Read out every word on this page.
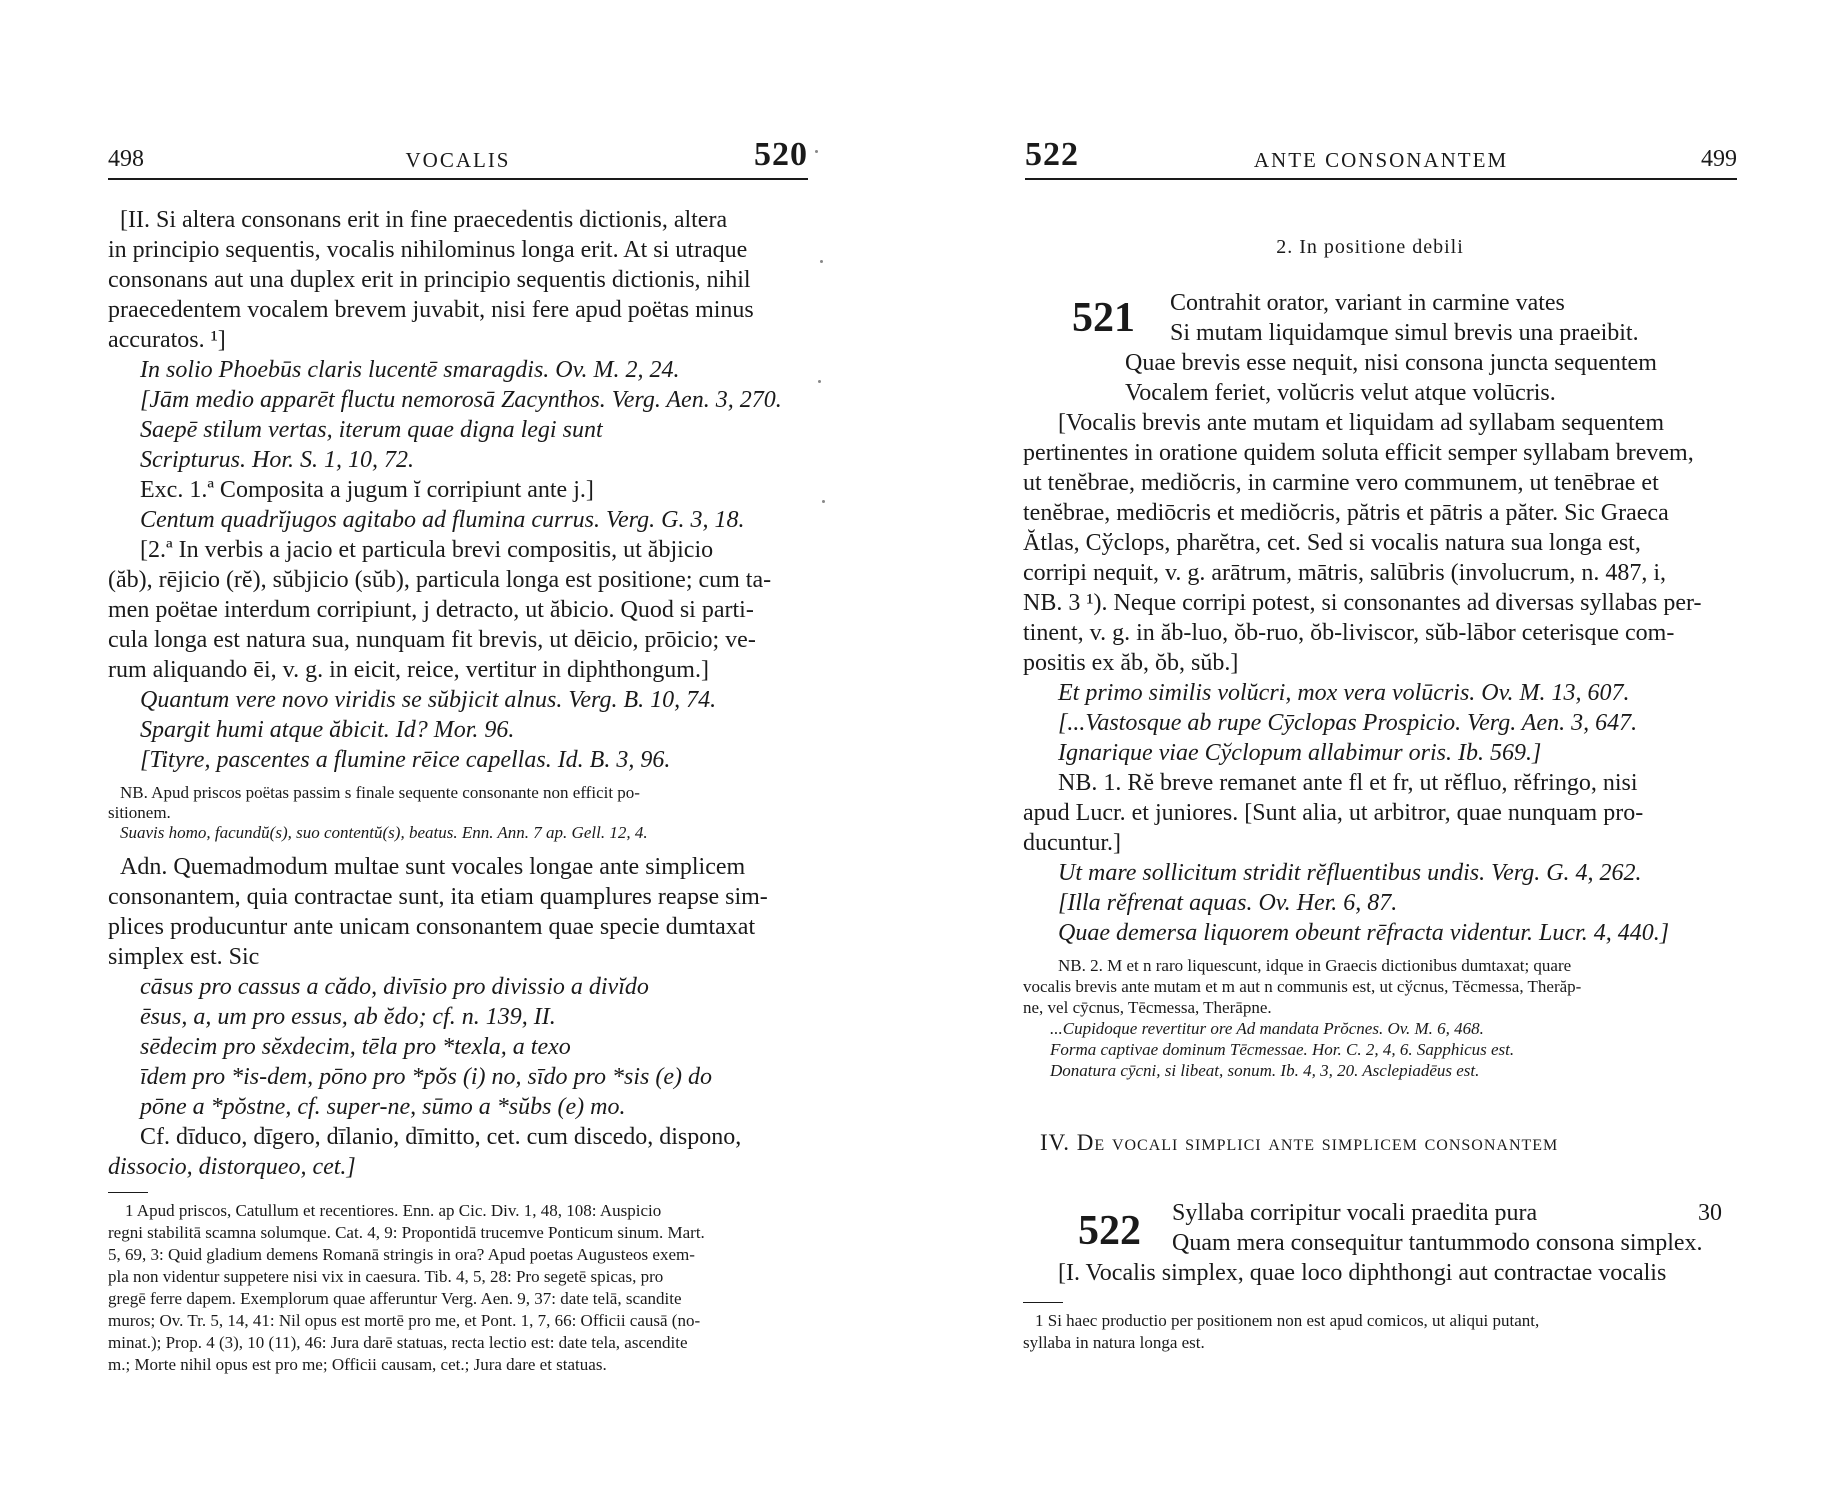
498	VOCALIS	520
[II. Si altera consonans erit in fine praecedentis dictionis, altera
in principio sequentis, vocalis nihilominus longa erit. At si utraque
consonans aut una duplex erit in principio sequentis dictionis, nihil
praecedentem vocalem brevem juvabit, nisi fere apud poëtas minus
accuratos. ¹]
In solio Phoebūs claris lucentē smaragdis. Ov. M. 2, 24.
[Jām medio apparēt fluctu nemorosā Zacynthos. Verg. Aen. 3, 270.
Saepē stilum vertas, iterum quae digna legi sunt
Scripturus. Hor. S. 1, 10, 72.
Exc. 1.ª Composita a jugum ĭ corripiunt ante j.]
Centum quadrĭjugos agitabo ad flumina currus. Verg. G. 3, 18.
[2.ª In verbis a jacio et particula brevi compositis, ut ăbjicio
(ăb), rējicio (rĕ), sŭbjicio (sŭb), particula longa est positione; cum ta-
men poëtae interdum corripiunt, j detracto, ut ăbicio. Quod si parti-
cula longa est natura sua, nunquam fit brevis, ut dēicio, prōicio; ve-
rum aliquando ēi, v. g. in eicit, reice, vertitur in diphthongum.]
Quantum vere novo viridis se sŭbjicit alnus. Verg. B. 10, 74.
Spargit humi atque ăbicit. Id? Mor. 96.
[Tityre, pascentes a flumine rēice capellas. Id. B. 3, 96.
NB. Apud priscos poëtas passim s finale sequente consonante non efficit po-
sitionem.
Suavis homo, facundŭ(s), suo contentŭ(s), beatus. Enn. Ann. 7 ap. Gell. 12, 4.
Adn. Quemadmodum multae sunt vocales longae ante simplicem
consonantem, quia contractae sunt, ita etiam quamplures reapse sim-
plices producuntur ante unicam consonantem quae specie dumtaxat
simplex est. Sic
cāsus pro cassus a cădo, divīsio pro divissio a divĭdo
ēsus, a, um pro essus, ab ĕdo; cf. n. 139, II.
sēdecim pro sĕxdecim, tēla pro *texla, a texo
īdem pro *is-dem, pōno pro *pŏs (i) no, sīdo pro *sis (e) do
pōne a *pŏstne, cf. super-ne, sūmo a *sŭbs (e) mo.
Cf. dīduco, dīgero, dīlanio, dīmitto, cet. cum discedo, dispono,
dissocio, distorqueo, cet.]
1 Apud priscos, Catullum et recentiores. Enn. ap Cic. Div. 1, 48, 108: Auspicio
regni stabilitā scamna solumque. Cat. 4, 9: Propontidā trucemve Ponticum sinum. Mart.
5, 69, 3: Quid gladium demens Romanā stringis in ora? Apud poetas Augusteos exem-
pla non videntur suppetere nisi vix in caesura. Tib. 4, 5, 28: Pro segetē spicas, pro
gregē ferre dapem. Exemplorum quae afferuntur Verg. Aen. 9, 37: date telā, scandite
muros; Ov. Tr. 5, 14, 41: Nil opus est mortē pro me, et Pont. 1, 7, 66: Officii causā (no-
minat.); Prop. 4 (3), 10 (11), 46: Jura darē statuas, recta lectio est: date tela, ascendite
m.; Morte nihil opus est pro me; Officii causam, cet.; Jura dare et statuas.
522	ANTE CONSONANTEM	499
2. In positione debili
521 Contrahit orator, variant in carmine vates
Si mutam liquidamque simul brevis una praeibit.
Quae brevis esse nequit, nisi consona juncta sequentem
Vocalem feriet, volŭcris velut atque volūcris.
[Vocalis brevis ante mutam et liquidam ad syllabam sequentem
pertinentes in oratione quidem soluta efficit semper syllabam brevem,
ut tenĕbrae, mediŏcris, in carmine vero communem, ut tenēbrae et
tenĕbrae, mediōcris et mediŏcris, pătris et pātris a păter. Sic Graeca
Ătlas, Cўclops, pharĕtra, cet. Sed si vocalis natura sua longa est,
corripi nequit, v. g. arātrum, mātris, salūbris (involucrum, n. 487, i,
NB. 3 ¹). Neque corripi potest, si consonantes ad diversas syllabas per-
tinent, v. g. in ăb-luo, ŏb-ruo, ŏb-liviscor, sŭb-lābor ceterisque com-
positis ex ăb, ŏb, sŭb.]
Et primo similis volŭcri, mox vera volūcris. Ov. M. 13, 607.
[...Vastosque ab rupe Cȳclopas Prospicio. Verg. Aen. 3, 647.
Ignarique viae Cўclopum allabimur oris. Ib. 569.]
NB. 1. Rĕ breve remanet ante fl et fr, ut rĕfluo, rĕfringo, nisi
apud Lucr. et juniores. [Sunt alia, ut arbitror, quae nunquam pro-
ducuntur.]
Ut mare sollicitum stridit rĕfluentibus undis. Verg. G. 4, 262.
[Illa rĕfrenat aquas. Ov. Her. 6, 87.
Quae demersa liquorem obeunt rēfracta videntur. Lucr. 4, 440.]
NB. 2. M et n raro liquescunt, idque in Graecis dictionibus dumtaxat; quare
vocalis brevis ante mutam et m aut n communis est, ut cўcnus, Tĕcmessa, Therăp-
ne, vel cȳcnus, Tēcmessa, Therāpne.
...Cupidoque revertitur ore Ad mandata Prŏcnes. Ov. M. 6, 468.
Forma captivae dominum Tēcmessae. Hor. C. 2, 4, 6. Sapphicus est.
Donatura cȳcni, si libeat, sonum. Ib. 4, 3, 20. Asclepiadēus est.
IV. De vocali simplici ante simplicem consonantem
522 Syllaba corripitur vocali praedita pura	30
Quam mera consequitur tantummodo consona simplex.
[I. Vocalis simplex, quae loco diphthongi aut contractae vocalis
1 Si haec productio per positionem non est apud comicos, ut aliqui putant,
syllaba in natura longa est.
